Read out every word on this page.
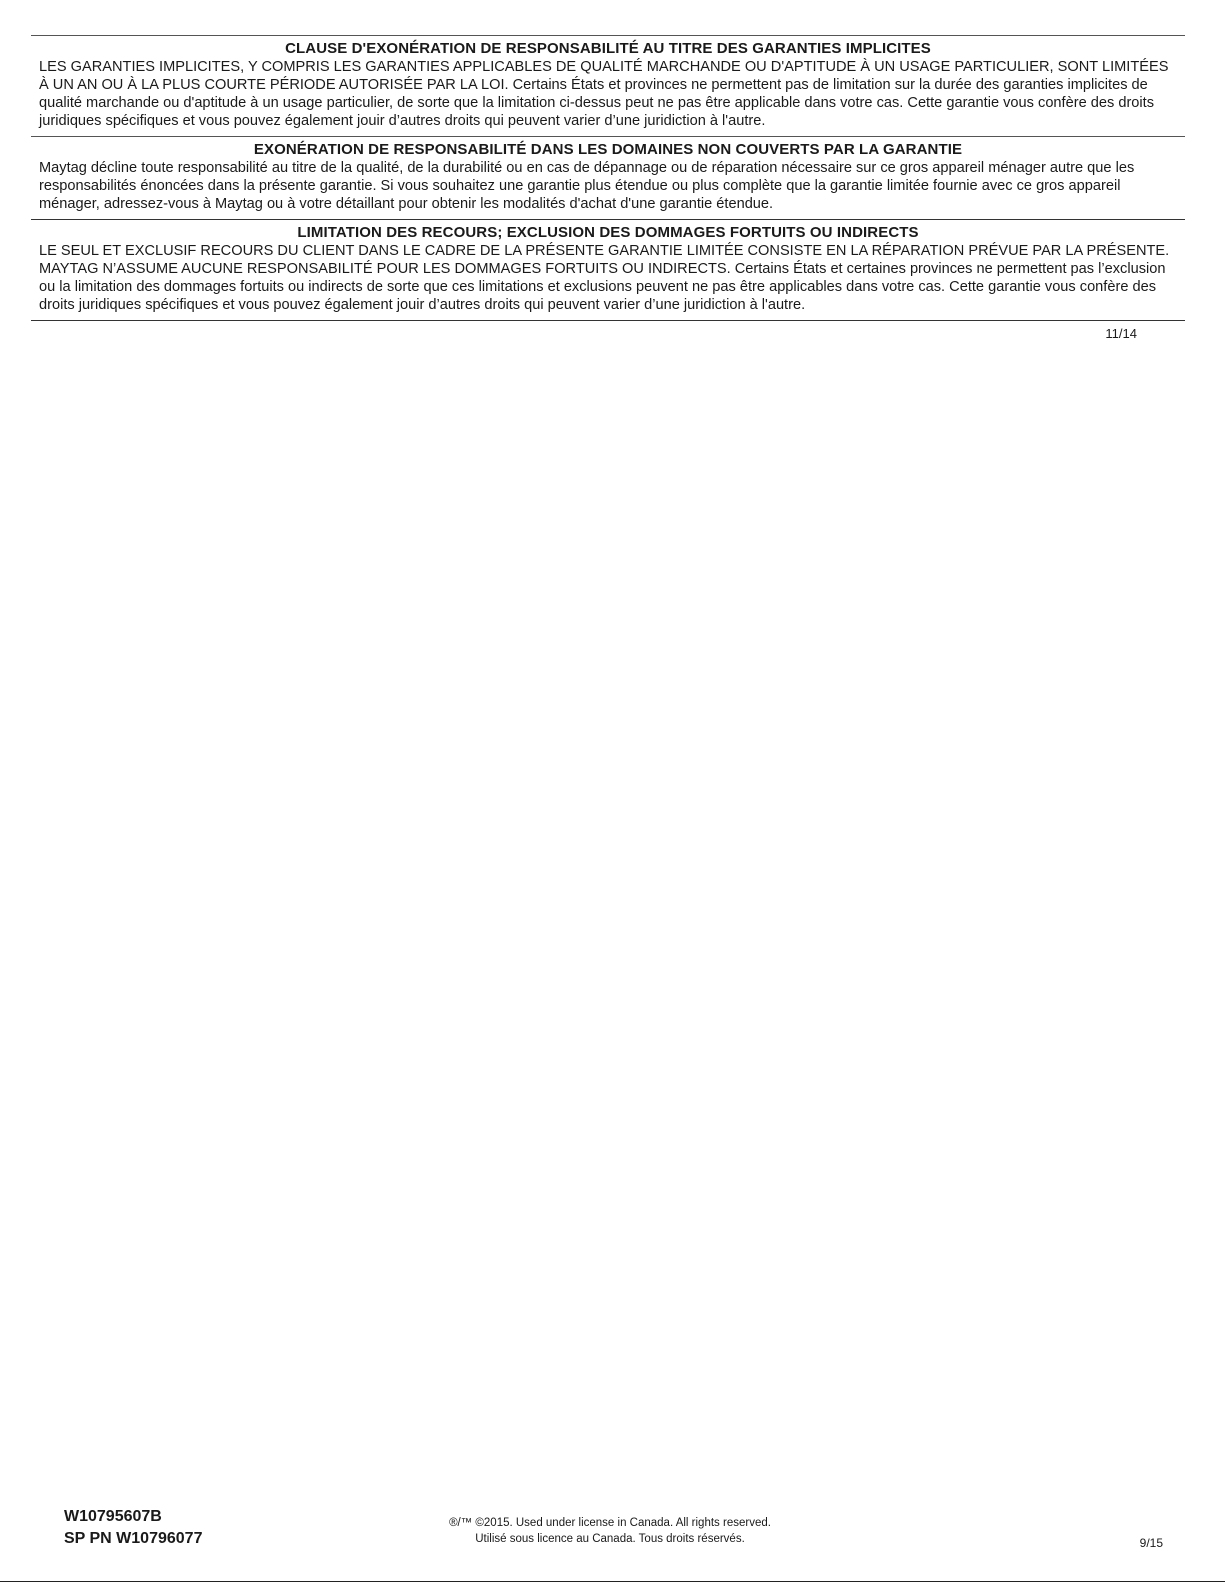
CLAUSE D'EXONÉRATION DE RESPONSABILITÉ AU TITRE DES GARANTIES IMPLICITES

LES GARANTIES IMPLICITES, Y COMPRIS LES GARANTIES APPLICABLES DE QUALITÉ MARCHANDE OU D'APTITUDE À UN USAGE PARTICULIER, SONT LIMITÉES À UN AN OU À LA PLUS COURTE PÉRIODE AUTORISÉE PAR LA LOI. Certains États et provinces ne permettent pas de limitation sur la durée des garanties implicites de qualité marchande ou d'aptitude à un usage particulier, de sorte que la limitation ci-dessus peut ne pas être applicable dans votre cas. Cette garantie vous confère des droits juridiques spécifiques et vous pouvez également jouir d’autres droits qui peuvent varier d’une juridiction à l'autre.

EXONÉRATION DE RESPONSABILITÉ DANS LES DOMAINES NON COUVERTS PAR LA GARANTIE

Maytag décline toute responsabilité au titre de la qualité, de la durabilité ou en cas de dépannage ou de réparation nécessaire sur ce gros appareil ménager autre que les responsabilités énoncées dans la présente garantie. Si vous souhaitez une garantie plus étendue ou plus complète que la garantie limitée fournie avec ce gros appareil ménager, adressez-vous à Maytag ou à votre détaillant pour obtenir les modalités d'achat d'une garantie étendue.

LIMITATION DES RECOURS; EXCLUSION DES DOMMAGES FORTUITS OU INDIRECTS

LE SEUL ET EXCLUSIF RECOURS DU CLIENT DANS LE CADRE DE LA PRÉSENTE GARANTIE LIMITÉE CONSISTE EN LA RÉPARATION PRÉVUE PAR LA PRÉSENTE. MAYTAG N’ASSUME AUCUNE RESPONSABILITÉ POUR LES DOMMAGES FORTUITS OU INDIRECTS. Certains États et certaines provinces ne permettent pas l’exclusion ou la limitation des dommages fortuits ou indirects de sorte que ces limitations et exclusions peuvent ne pas être applicables dans votre cas. Cette garantie vous confère des droits juridiques spécifiques et vous pouvez également jouir d’autres droits qui peuvent varier d’une juridiction à l'autre.

11/14
W10795607B
SP PN W10796077
®/™ ©2015. Used under license in Canada. All rights reserved.
Utilisé sous licence au Canada. Tous droits réservés.	9/15
